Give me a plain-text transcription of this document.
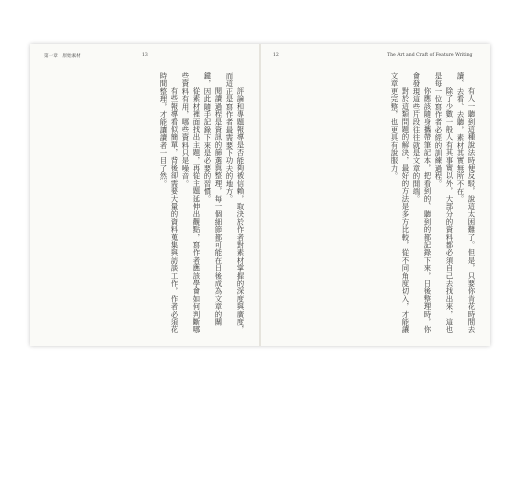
第一章　原始素材	13

評論和專題報導是否能夠被信賴，取決於作者對素材掌握的深度與廣度，而這正是寫作者最需要下功夫的地方。

閱讀過程是資訊的篩選與整理，每一個細節都可能在日後成為文章的關鍵，因此隨手記錄下來是必要的習慣。

從素材裡面找出主題，再從主題延伸出觀點，寫作者應該學會如何判斷哪些資料有用，哪些資料只是噪音。

有些報導看似簡單，背後卻需要大量的資料蒐集與訪談工作，作者必須花時間整理，才能讓讀者一目了然。

12	The Art and Craft of Feature Writing

有人一聽到這種說法時便反駁，說這太困難了。但是，只要你肯花時間去讀、去看、去聽，素材其實無所不在。

除了少數一般人有其事實以外，大部分的資料都必須自己去找出來，這也是每一位寫作者必經的訓練過程。

你應該隨身攜帶筆記本，把看到的、聽到的都記錄下來，日後整理時，你會發現這些片段往往就是文章的開端。

對於這類問題的解決，最好的方法是多方比較，從不同角度切入，才能讓文章更完整，也更具有說服力。
